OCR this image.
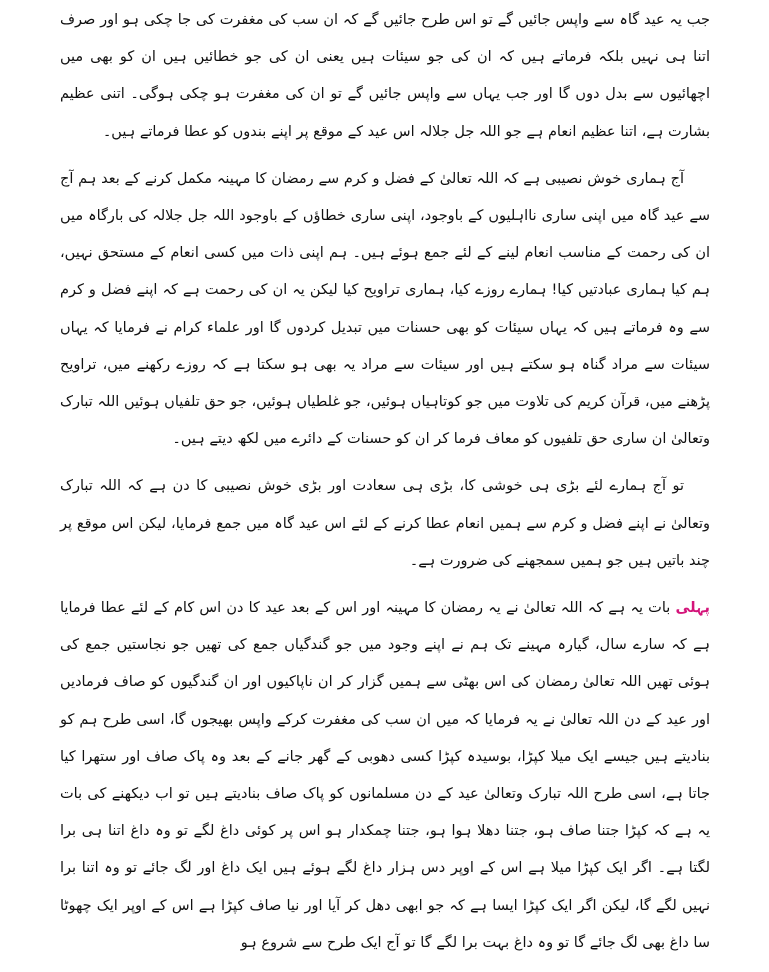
جب یہ عید گاہ سے واپس جائیں گے تو اس طرح جائیں گے کہ ان سب کی مغفرت کی جا چکی ہو اور صرف اتنا ہی نہیں بلکہ فرماتے ہیں کہ ان کی جو سیئات ہیں یعنی ان کی جو خطائیں ہیں ان کو بھی میں اچھائیوں سے بدل دوں گا اور جب یہاں سے واپس جائیں گے تو ان کی مغفرت ہو چکی ہوگی۔ اتنی عظیم بشارت ہے، اتنا عظیم انعام ہے جو اللہ جل جلالہ اس عید کے موقع پر اپنے بندوں کو عطا فرماتے ہیں۔

آج ہماری خوش نصیبی ہے کہ اللہ تعالیٰ کے فضل و کرم سے رمضان کا مہینہ مکمل کرنے کے بعد ہم آج سے عید گاہ میں اپنی ساری نااہلیوں کے باوجود، اپنی ساری خطاؤں کے باوجود اللہ جل جلالہ کی بارگاہ میں ان کی رحمت کے مناسب انعام لینے کے لئے جمع ہوئے ہیں۔ ہم اپنی ذات میں کسی انعام کے مستحق نہیں، ہم کیا ہماری عبادتیں کیا! ہمارے روزے کیا، ہماری تراویح کیا لیکن یہ ان کی رحمت ہے کہ اپنے فضل و کرم سے وہ فرماتے ہیں کہ یہاں سیئات کو بھی حسنات میں تبدیل کردوں گا اور علماء کرام نے فرمایا کہ یہاں سیئات سے مراد گناہ ہو سکتے ہیں اور سیئات سے مراد یہ بھی ہو سکتا ہے کہ روزے رکھنے میں، تراویح پڑھنے میں، قرآن کریم کی تلاوت میں جو کوتاہیاں ہوئیں، جو غلطیاں ہوئیں، جو حق تلفیاں ہوئیں اللہ تبارک وتعالیٰ ان ساری حق تلفیوں کو معاف فرما کر ان کو حسنات کے دائرے میں لکھ دیتے ہیں۔

تو آج ہمارے لئے بڑی ہی خوشی کا، بڑی ہی سعادت اور بڑی خوش نصیبی کا دن ہے کہ اللہ تبارک وتعالیٰ نے اپنے فضل و کرم سے ہمیں انعام عطا کرنے کے لئے اس عید گاہ میں جمع فرمایا، لیکن اس موقع پر چند باتیں ہیں جو ہمیں سمجھنے کی ضرورت ہے۔

پہلی بات یہ ہے کہ اللہ تعالیٰ نے یہ رمضان کا مہینہ اور اس کے بعد عید کا دن اس کام کے لئے عطا فرمایا ہے کہ سارے سال، گیارہ مہینے تک ہم نے اپنے وجود میں جو گندگیاں جمع کی تھیں جو نجاستیں جمع کی ہوئی تھیں اللہ تعالیٰ رمضان کی اس بھٹی سے ہمیں گزار کر ان ناپاکیوں اور ان گندگیوں کو صاف فرمادیں اور عید کے دن اللہ تعالیٰ نے یہ فرمایا کہ میں ان سب کی مغفرت کرکے واپس بھیجوں گا، اسی طرح ہم کو بنادیتے ہیں جیسے ایک میلا کپڑا، بوسیدہ کپڑا کسی دھوبی کے گھر جانے کے بعد وہ پاک صاف اور ستھرا کیا جاتا ہے، اسی طرح اللہ تبارک وتعالیٰ عید کے دن مسلمانوں کو پاک صاف بنادیتے ہیں تو اب دیکھنے کی بات یہ ہے کہ کپڑا جتنا صاف ہو، جتنا دھلا ہوا ہو، جتنا چمکدار ہو اس پر کوئی داغ لگے تو وہ داغ اتنا ہی برا لگتا ہے۔ اگر ایک کپڑا میلا ہے اس کے اوپر دس ہزار داغ لگے ہوئے ہیں ایک داغ اور لگ جائے تو وہ اتنا برا نہیں لگے گا، لیکن اگر ایک کپڑا ایسا ہے کہ جو ابھی دھل کر آیا اور نیا صاف کپڑا ہے اس کے اوپر ایک چھوٹا سا داغ بھی لگ جائے گا تو وہ داغ بہت برا لگے گا تو آج ایک طرح سے شروع ہو
